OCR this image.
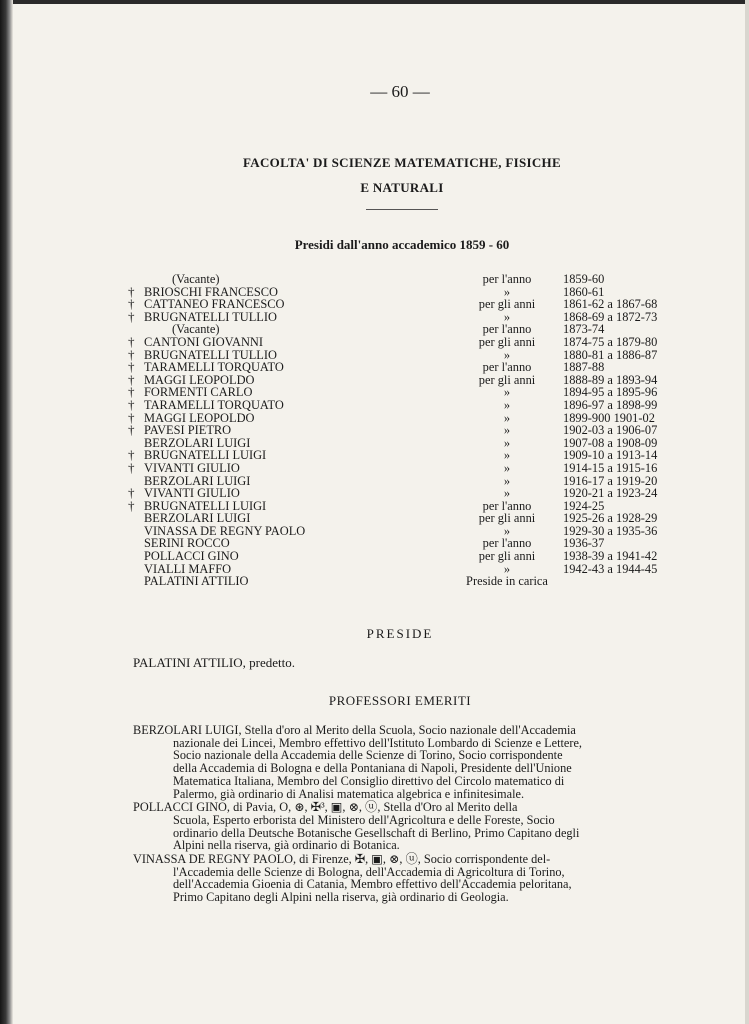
— 60 —
FACOLTA' DI SCIENZE MATEMATICHE, FISICHE
E NATURALI
Presidi dall'anno accademico 1859 - 60
(Vacante)	per l'anno	1859-60
† BRIOSCHI FRANCESCO	»	1860-61
† CATTANEO FRANCESCO	per gli anni	1861-62 a 1867-68
† BRUGNATELLI TULLIO	»	1868-69 a 1872-73
(Vacante)	per l'anno	1873-74
† CANTONI GIOVANNI	per gli anni	1874-75 a 1879-80
† BRUGNATELLI TULLIO	»	1880-81 a 1886-87
† TARAMELLI TORQUATO	per l'anno	1887-88
† MAGGI LEOPOLDO	per gli anni	1888-89 a 1893-94
† FORMENTI CARLO	»	1894-95 a 1895-96
† TARAMELLI TORQUATO	»	1896-97 a 1898-99
† MAGGI LEOPOLDO	»	1899-900 1901-02
† PAVESI PIETRO	»	1902-03 a 1906-07
BERZOLARI LUIGI	»	1907-08 a 1908-09
† BRUGNATELLI LUIGI	»	1909-10 a 1913-14
† VIVANTI GIULIO	»	1914-15 a 1915-16
BERZOLARI LUIGI	»	1916-17 a 1919-20
† VIVANTI GIULIO	»	1920-21 a 1923-24
† BRUGNATELLI LUIGI	per l'anno	1924-25
BERZOLARI LUIGI	per gli anni	1925-26 a 1928-29
VINASSA DE REGNY PAOLO	»	1929-30 a 1935-36
SERINI ROCCO	per l'anno	1936-37
POLLACCI GINO	per gli anni	1938-39 a 1941-42
VIALLI MAFFO	»	1942-43 a 1944-45
PALATINI ATTILIO	Preside in carica
PRESIDE
PALATINI ATTILIO, predetto.
PROFESSORI EMERITI
BERZOLARI LUIGI, Stella d'oro al Merito della Scuola, Socio nazionale dell'Accademia
nazionale dei Lincei, Membro effettivo dell'Istituto Lombardo di Scienze e Lettere,
Socio nazionale della Accademia delle Scienze di Torino, Socio corrispondente
della Accademia di Bologna e della Pontaniana di Napoli, Presidente dell'Unione
Matematica Italiana, Membro del Consiglio direttivo del Circolo matematico di
Palermo, già ordinario di Analisi matematica algebrica e infinitesimale.
POLLACCI GINO, di Pavia, O, ⊛, ✠³, ▣, ⊗, ⓤ, Stella d'Oro al Merito della
Scuola, Esperto erborista del Ministero dell'Agricoltura e delle Foreste, Socio
ordinario della Deutsche Botanische Gesellschaft di Berlino, Primo Capitano degli
Alpini nella riserva, già ordinario di Botanica.
VINASSA DE REGNY PAOLO, di Firenze, ✠, ▣, ⊗, ⓤ, Socio corrispondente del-
l'Accademia delle Scienze di Bologna, dell'Accademia di Agricoltura di Torino,
dell'Accademia Gioenia di Catania, Membro effettivo dell'Accademia peloritana,
Primo Capitano degli Alpini nella riserva, già ordinario di Geologia.
